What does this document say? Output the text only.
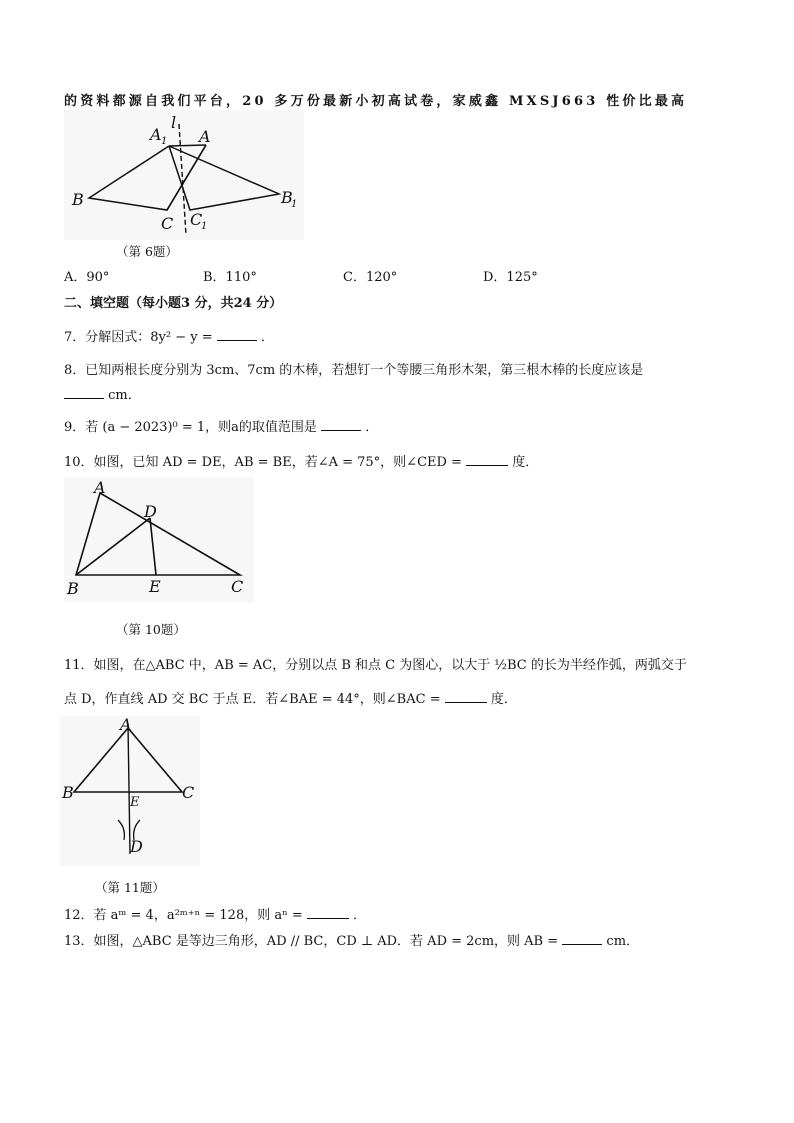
的资料都源自我们平台，20 多万份最新小初高试卷，家威鑫 MXSJ663 性价比最高
l
A 1 A
B
C C
1
B
1
（第 6题）
A．90°	B．110°	C．120°	D．125°
二、填空题（每小题3 分，共24 分）
7．分解因式：8y² − y =	．
8．已知两根长度分别为 3cm、7cm 的木棒，若想钉一个等腰三角形木架，第三根木棒的长度应该是
cm．
9．若 (a − 2023)⁰ = 1，则a的取值范围是	．
10．如图，已知 AD = DE，AB = BE，若∠A = 75°，则∠CED =	度．
A
D
B	E	C
（第 10题）
11．如图，在△ABC 中，AB = AC，分别以点 B 和点 C 为图心，以大于 ½BC 的长为半经作弧，两弧交于
点 D，作直线 AD 交 BC 于点 E．若∠BAE = 44°，则∠BAC =	度．
A
B
E
C
D
（第 11题）
12．若 aᵐ = 4，a²ᵐ⁺ⁿ = 128，则 aⁿ =	．
13．如图，△ABC 是等边三角形，AD // BC，CD ⊥ AD．若 AD = 2cm，则 AB =	cm．
